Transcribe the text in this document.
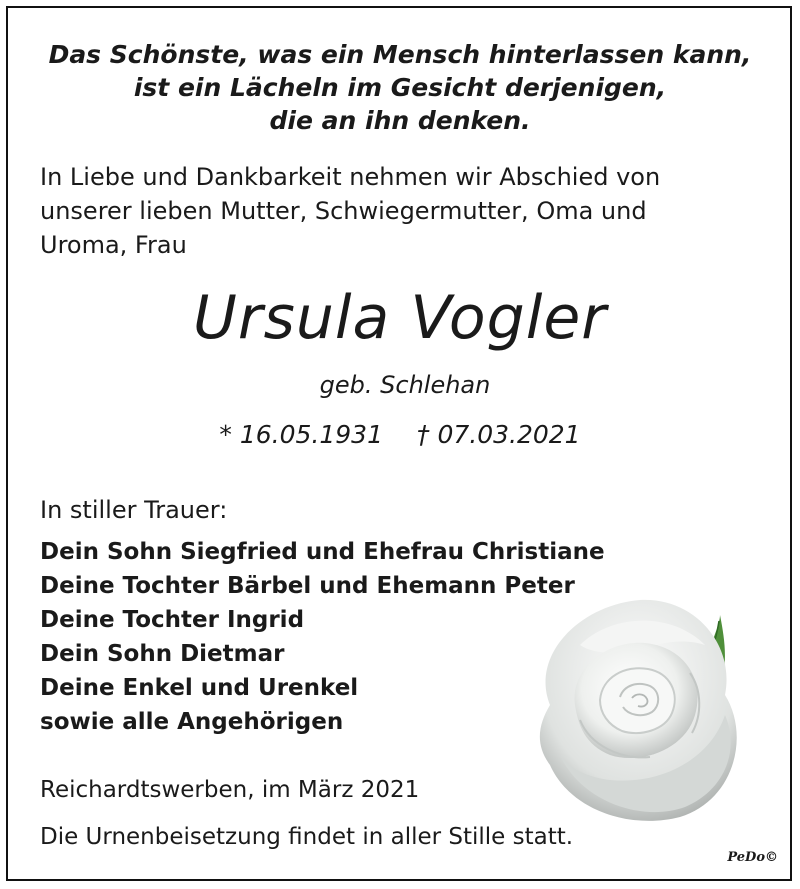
Das Schönste, was ein Mensch hinterlassen kann,
ist ein Lächeln im Gesicht derjenigen,
die an ihn denken.
In Liebe und Dankbarkeit nehmen wir Abschied von
unserer lieben Mutter, Schwiegermutter, Oma und
Uroma, Frau
Ursula Vogler
geb. Schlehan
* 16.05.1931 † 07.03.2021
In stiller Trauer:
Dein Sohn Siegfried und Ehefrau Christiane
Deine Tochter Bärbel und Ehemann Peter
Deine Tochter Ingrid
Dein Sohn Dietmar
Deine Enkel und Urenkel
sowie alle Angehörigen
Reichardtswerben, im März 2021
Die Urnenbeisetzung findet in aller Stille statt.
PeDo©
